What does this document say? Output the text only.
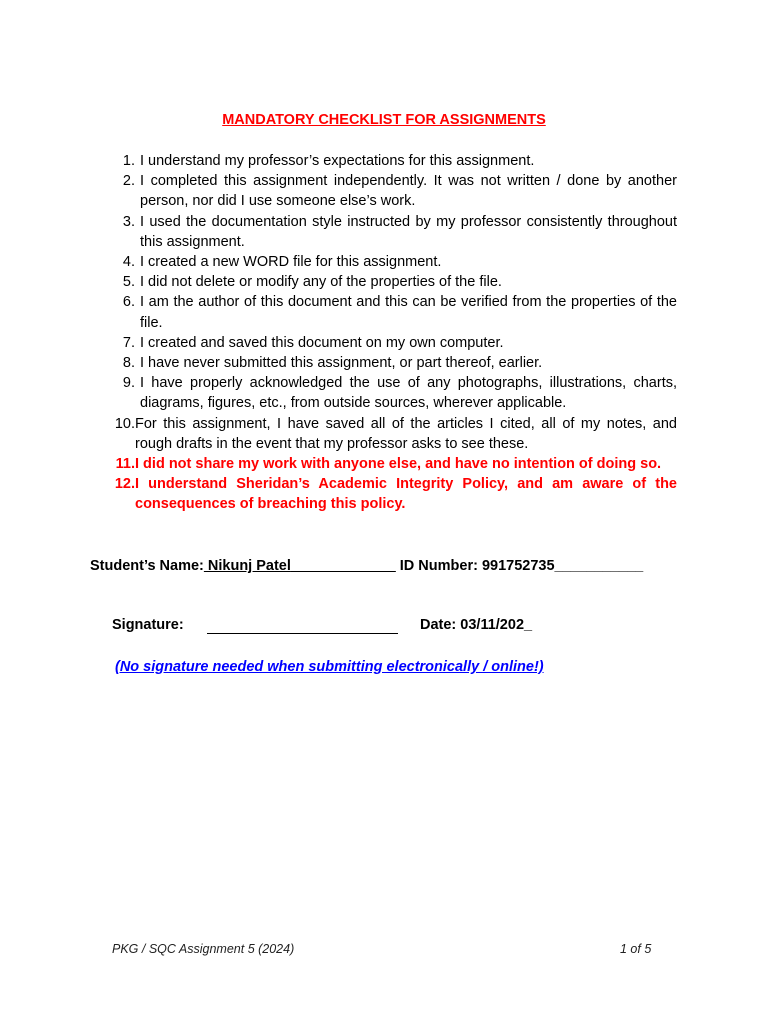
MANDATORY CHECKLIST FOR ASSIGNMENTS
1. I understand my professor’s expectations for this assignment.
2. I completed this assignment independently. It was not written / done by another person, nor did I use someone else’s work.
3. I used the documentation style instructed by my professor consistently throughout this assignment.
4. I created a new WORD file for this assignment.
5. I did not delete or modify any of the properties of the file.
6. I am the author of this document and this can be verified from the properties of the file.
7. I created and saved this document on my own computer.
8. I have never submitted this assignment, or part thereof, earlier.
9. I have properly acknowledged the use of any photographs, illustrations, charts, diagrams, figures, etc., from outside sources, wherever applicable.
10. For this assignment, I have saved all of the articles I cited, all of my notes, and rough drafts in the event that my professor asks to see these.
11. I did not share my work with anyone else, and have no intention of doing so.
12. I understand Sheridan’s Academic Integrity Policy, and am aware of the consequences of breaching this policy.
Student’s Name: Nikunj Patel_____________ ID Number: 991752735___________
Signature:	Date: 03/11/202_
(No signature needed when submitting electronically / online!)
PKG / SQC Assignment 5 (2024)	1 of 5
